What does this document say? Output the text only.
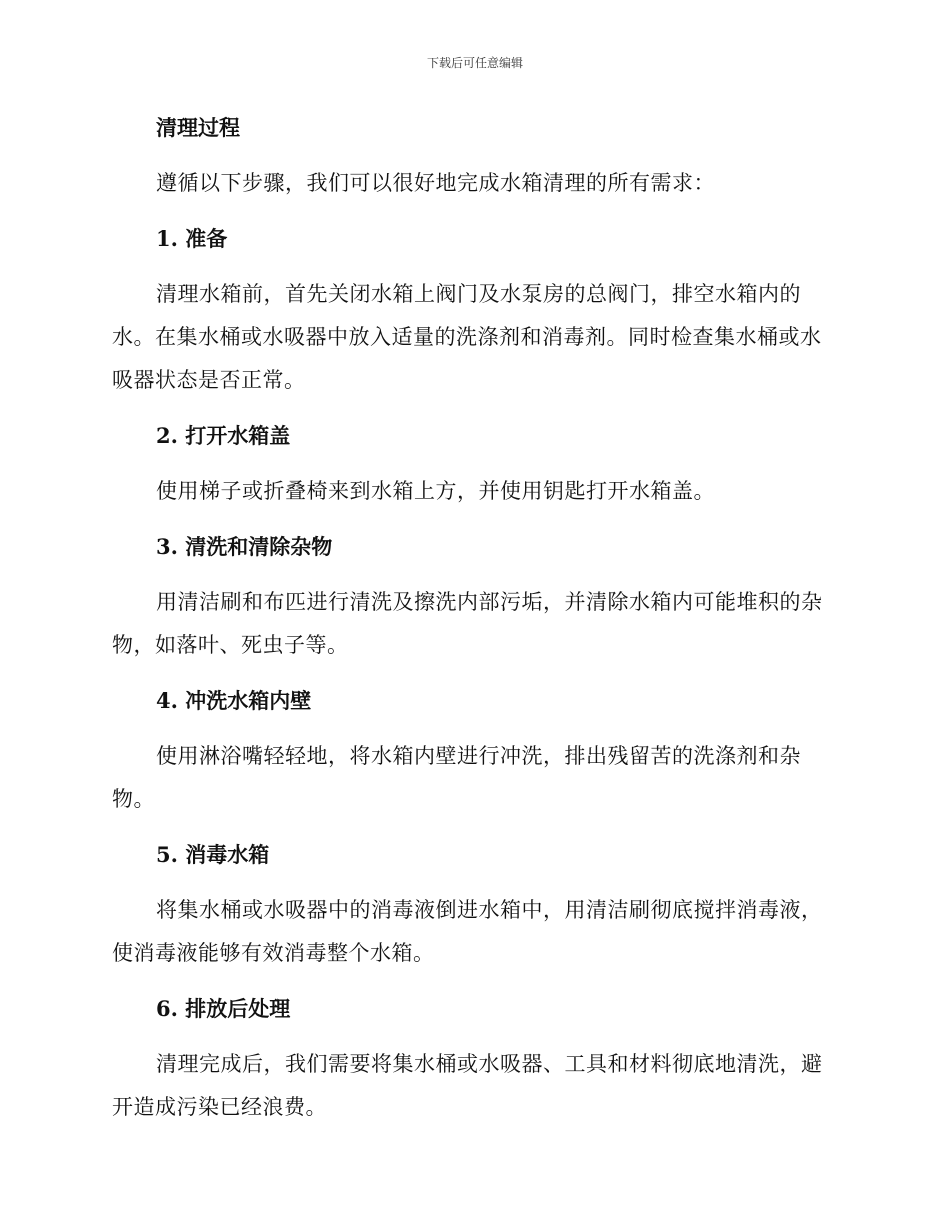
下载后可任意编辑
清理过程
遵循以下步骤，我们可以很好地完成水箱清理的所有需求：
1. 准备
清理水箱前，首先关闭水箱上阀门及水泵房的总阀门，排空水箱内的水。在集水桶或水吸器中放入适量的洗涤剂和消毒剂。同时检查集水桶或水吸器状态是否正常。
2. 打开水箱盖
使用梯子或折叠椅来到水箱上方，并使用钥匙打开水箱盖。
3. 清洗和清除杂物
用清洁刷和布匹进行清洗及擦洗内部污垢，并清除水箱内可能堆积的杂物，如落叶、死虫子等。
4. 冲洗水箱内壁
使用淋浴嘴轻轻地，将水箱内壁进行冲洗，排出残留苦的洗涤剂和杂物。
5. 消毒水箱
将集水桶或水吸器中的消毒液倒进水箱中，用清洁刷彻底搅拌消毒液，使消毒液能够有效消毒整个水箱。
6. 排放后处理
清理完成后，我们需要将集水桶或水吸器、工具和材料彻底地清洗，避开造成污染已经浪费。
